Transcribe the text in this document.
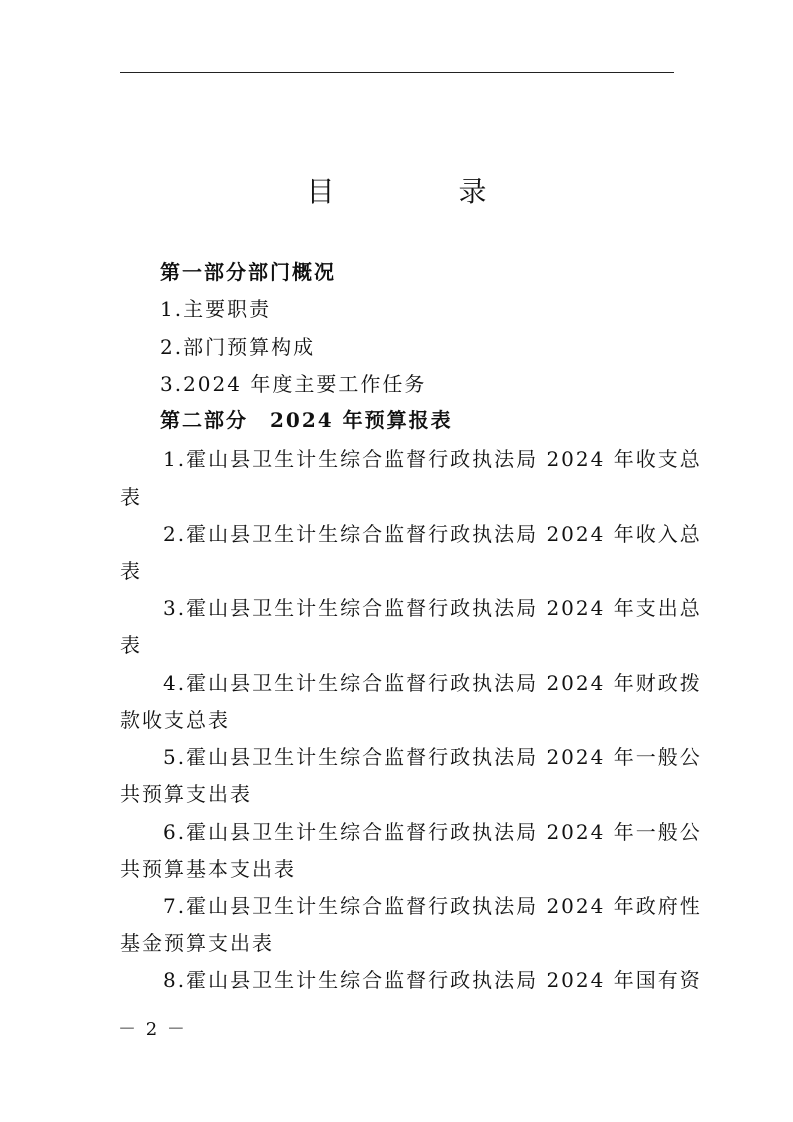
目　录
第一部分部门概况
1.主要职责
2.部门预算构成
3.2024 年度主要工作任务
第二部分　2024 年预算报表
1.霍山县卫生计生综合监督行政执法局 2024 年收支总
表
2.霍山县卫生计生综合监督行政执法局 2024 年收入总
表
3.霍山县卫生计生综合监督行政执法局 2024 年支出总
表
4.霍山县卫生计生综合监督行政执法局 2024 年财政拨
款收支总表
5.霍山县卫生计生综合监督行政执法局 2024 年一般公
共预算支出表
6.霍山县卫生计生综合监督行政执法局 2024 年一般公
共预算基本支出表
7.霍山县卫生计生综合监督行政执法局 2024 年政府性
基金预算支出表
8.霍山县卫生计生综合监督行政执法局 2024 年国有资
－ 2 －
